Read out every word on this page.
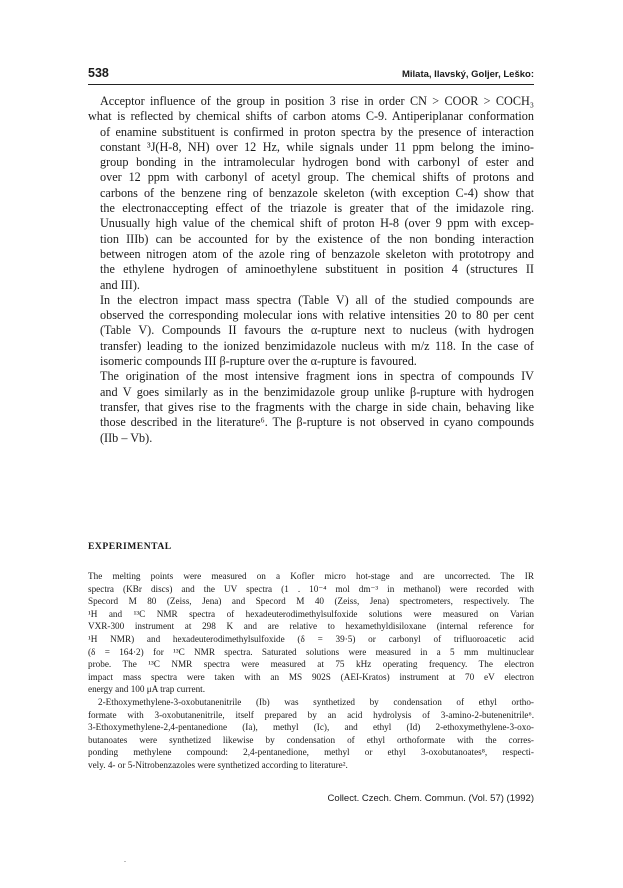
538	Milata, Ilavský, Goljer, Leško:

Acceptor influence of the group in position 3 rise in order CN > COOR > COCH₃
what is reflected by chemical shifts of carbon atoms C-9. Antiperiplanar conformation
of enamine substituent is confirmed in proton spectra by the presence of interaction
constant ³J(H-8, NH) over 12 Hz, while signals under 11 ppm belong the imino-
group bonding in the intramolecular hydrogen bond with carbonyl of ester and
over 12 ppm with carbonyl of acetyl group. The chemical shifts of protons and
carbons of the benzene ring of benzazole skeleton (with exception C-4) show that
the electronaccepting effect of the triazole is greater that of the imidazole ring.
Unusually high value of the chemical shift of proton H-8 (over 9 ppm with excep-
tion IIIb) can be accounted for by the existence of the non bonding interaction
between nitrogen atom of the azole ring of benzazole skeleton with prototropy and
the ethylene hydrogen of aminoethylene substituent in position 4 (structures II
and III).

In the electron impact mass spectra (Table V) all of the studied compounds are
observed the corresponding molecular ions with relative intensities 20 to 80 per cent
(Table V). Compounds II favours the α-rupture next to nucleus (with hydrogen
transfer) leading to the ionized benzimidazole nucleus with m/z 118. In the case of
isomeric compounds III β-rupture over the α-rupture is favoured.

The origination of the most intensive fragment ions in spectra of compounds IV
and V goes similarly as in the benzimidazole group unlike β-rupture with hydrogen
transfer, that gives rise to the fragments with the charge in side chain, behaving like
those described in the literature⁶. The β-rupture is not observed in cyano compounds
(IIb – Vb).

EXPERIMENTAL
The melting points were measured on a Kofler micro hot-stage and are uncorrected. The IR
spectra (KBr discs) and the UV spectra (1 . 10⁻⁴ mol dm⁻³ in methanol) were recorded with
Specord M 80 (Zeiss, Jena) and Specord M 40 (Zeiss, Jena) spectrometers, respectively. The
¹H and ¹³C NMR spectra of hexadeuterodimethylsulfoxide solutions were measured on Varian
VXR-300 instrument at 298 K and are relative to hexamethyldisiloxane (internal reference for
¹H NMR) and hexadeuterodimethylsulfoxide (δ = 39·5) or carbonyl of trifluoroacetic acid
(δ = 164·2) for ¹³C NMR spectra. Saturated solutions were measured in a 5 mm multinuclear
probe. The ¹³C NMR spectra were measured at 75 kHz operating frequency. The electron
impact mass spectra were taken with an MS 902S (AEI-Kratos) instrument at 70 eV electron
energy and 100 μA trap current.
2-Ethoxymethylene-3-oxobutanenitrile (Ib) was synthetized by condensation of ethyl ortho-
formate with 3-oxobutanenitrile, itself prepared by an acid hydrolysis of 3-amino-2-butenenitrile⁶.
3-Ethoxymethylene-2,4-pentanedione (Ia), methyl (Ic), and ethyl (Id) 2-ethoxymethylene-3-oxo-
butanoates were synthetized likewise by condensation of ethyl orthoformate with the corres-
ponding methylene compound: 2,4-pentanedione, methyl or ethyl 3-oxobutanoates⁸, respecti-
vely. 4- or 5-Nitrobenzazoles were synthetized according to literature².
Collect. Czech. Chem. Commun. (Vol. 57) (1992)
